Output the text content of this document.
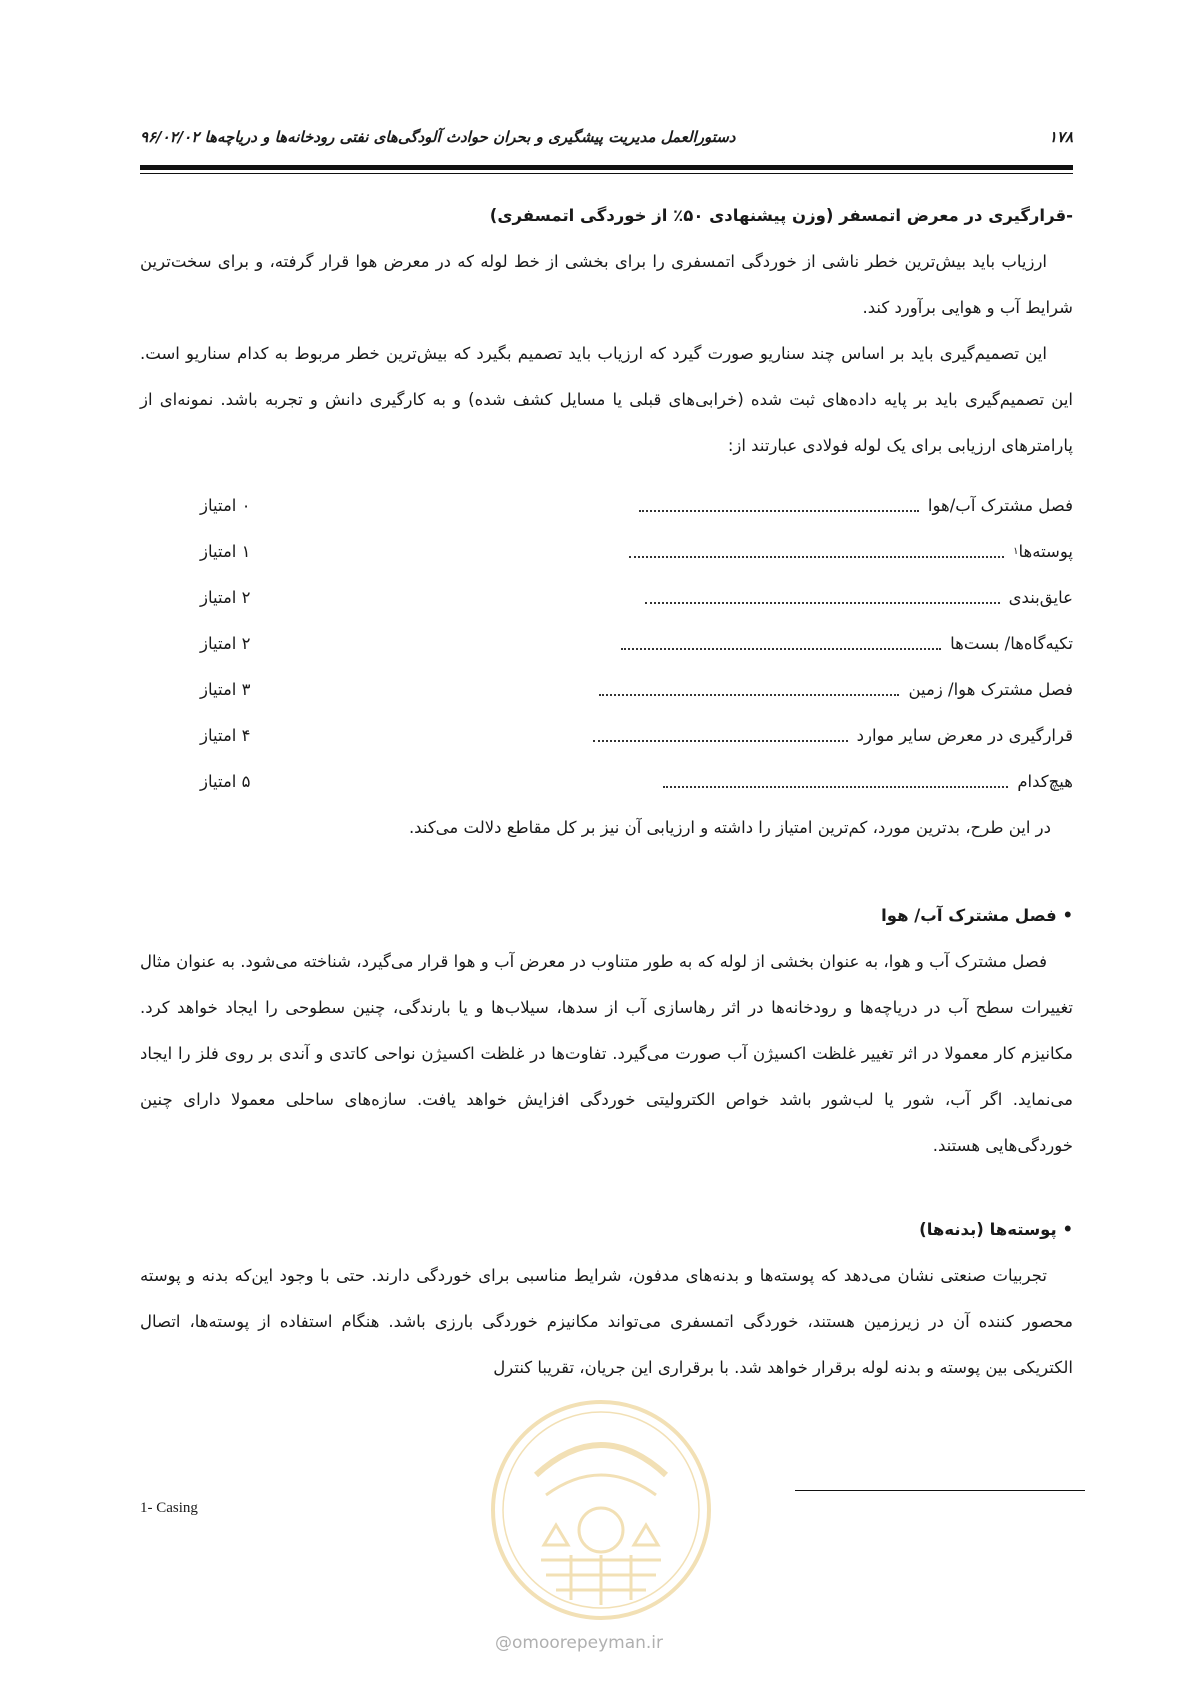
دستورالعمل مدیریت پیشگیری و بحران حوادث آلودگی‌های نفتی رودخانه‌ها و دریاچه‌ها ۹۶/۰۲/۰۲	۱۷۸

-قرارگیری در معرض اتمسفر (وزن پیشنهادی ۵۰٪ از خوردگی اتمسفری)

ارزیاب باید بیش‌ترین خطر ناشی از خوردگی اتمسفری را برای بخشی از خط لوله که در معرض هوا قرار گرفته، و برای سخت‌ترین شرایط آب و هوایی برآورد کند.

این تصمیم‌گیری باید بر اساس چند سناریو صورت گیرد که ارزیاب باید تصمیم بگیرد که بیش‌ترین خطر مربوط به کدام سناریو است. این تصمیم‌گیری باید بر پایه داده‌های ثبت شده (خرابی‌های قبلی یا مسایل کشف شده) و به کارگیری دانش و تجربه باشد. نمونه‌ای از پارامترهای ارزیابی برای یک لوله فولادی عبارتند از:

فصل مشترک آب/هوا
۰ امتیاز
پوسته‌ها
۱
۱ امتیاز
عایق‌بندی
۲ امتیاز
تکیه‌گاه‌ها/ بست‌ها
۲ امتیاز
فصل مشترک هوا/ زمین
۳ امتیاز
قرارگیری در معرض سایر موارد
۴ امتیاز
هیچ‌کدام
۵ امتیاز

در این طرح، بدترین مورد، کم‌ترین امتیاز را داشته و ارزیابی آن نیز بر کل مقاطع دلالت می‌کند.

• فصل مشترک آب/ هوا

فصل مشترک آب و هوا، به عنوان بخشی از لوله که به طور متناوب در معرض آب و هوا قرار می‌گیرد، شناخته می‌شود. به عنوان مثال تغییرات سطح آب در دریاچه‌ها و رودخانه‌ها در اثر رهاسازی آب از سدها، سیلاب‌ها و یا بارندگی، چنین سطوحی را ایجاد خواهد کرد. مکانیزم کار معمولا در اثر تغییر غلظت اکسیژن آب صورت می‌گیرد. تفاوت‌ها در غلظت اکسیژن نواحی کاتدی و آندی بر روی فلز را ایجاد می‌نماید. اگر آب، شور یا لب‌شور باشد خواص الکترولیتی خوردگی افزایش خواهد یافت. سازه‌های ساحلی معمولا دارای چنین خوردگی‌هایی هستند.

• پوسته‌ها (بدنه‌ها)

تجربیات صنعتی نشان می‌دهد که پوسته‌ها و بدنه‌های مدفون، شرایط مناسبی برای خوردگی دارند. حتی با وجود این‌که بدنه و پوسته محصور کننده آن در زیرزمین هستند، خوردگی اتمسفری می‌تواند مکانیزم خوردگی بارزی باشد. هنگام استفاده از پوسته‌ها، اتصال الکتریکی بین پوسته و بدنه لوله برقرار خواهد شد. با برقراری این جریان، تقریبا کنترل

1- Casing
@omoorepeyman.ir
